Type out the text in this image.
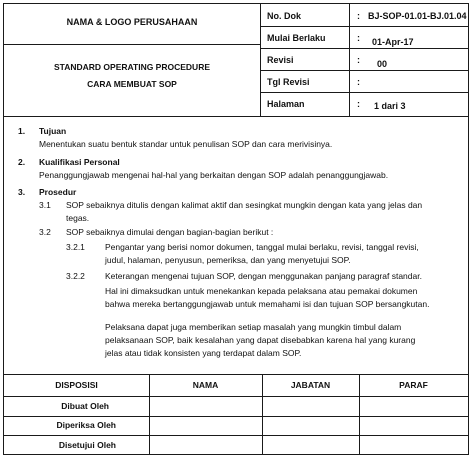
NAMA & LOGO PERUSAHAAN
STANDARD OPERATING PROCEDURE
CARA MEMBUAT SOP
No. Dok	: BJ-SOP-01.01-BJ.01.04
Mulai Berlaku	: 01-Apr-17
Revisi	: 00
Tgl Revisi	:
Halaman	: 1 dari 3
1. Tujuan
Menentukan suatu bentuk standar untuk penulisan SOP dan cara merivisinya.
2. Kualifikasi Personal
Penanggungjawab mengenai hal-hal yang berkaitan dengan SOP adalah penanggungjawab.
3. Prosedur
3.1 SOP sebaiknya ditulis dengan kalimat aktif dan sesingkat mungkin dengan kata yang jelas dan
tegas.
3.2 SOP sebaiknya dimulai dengan bagian-bagian berikut :
3.2.1 Pengantar yang berisi nomor dokumen, tanggal mulai berlaku, revisi, tanggal revisi,
judul, halaman, penyusun, pemeriksa, dan yang menyetujui SOP.
3.2.2 Keterangan mengenai tujuan SOP, dengan menggunakan panjang paragraf standar.
Hal ini dimaksudkan untuk menekankan kepada pelaksana atau pemakai dokumen
bahwa mereka bertanggungjawab untuk memahami isi dan tujuan SOP bersangkutan.
Pelaksana dapat juga memberikan setiap masalah yang mungkin timbul dalam
pelaksanaan SOP, baik kesalahan yang dapat disebabkan karena hal yang kurang
jelas atau tidak konsisten yang terdapat dalam SOP.
DISPOSISI	NAMA	JABATAN	PARAF
Dibuat Oleh
Diperiksa Oleh
Disetujui Oleh
